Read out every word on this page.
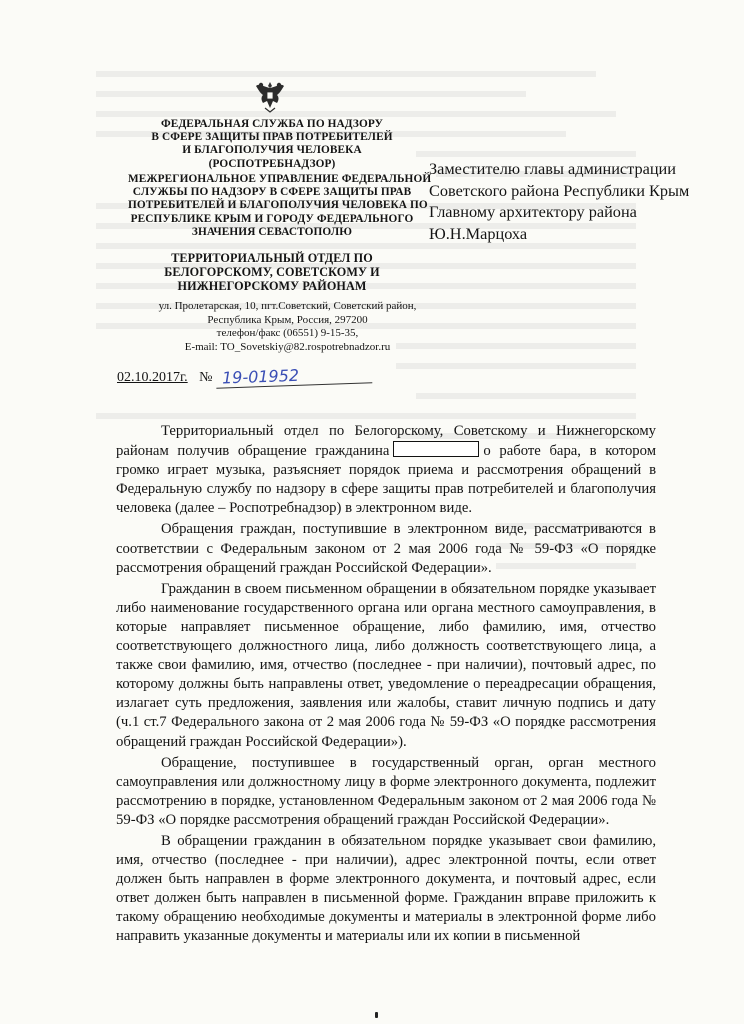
ФЕДЕРАЛЬНАЯ СЛУЖБА ПО НАДЗОРУ
В СФЕРЕ ЗАЩИТЫ ПРАВ ПОТРЕБИТЕЛЕЙ
И БЛАГОПОЛУЧИЯ ЧЕЛОВЕКА
(РОСПОТРЕБНАДЗОР)
МЕЖРЕГИОНАЛЬНОЕ УПРАВЛЕНИЕ ФЕДЕРАЛЬНОЙ
СЛУЖБЫ ПО НАДЗОРУ В СФЕРЕ ЗАЩИТЫ ПРАВ
ПОТРЕБИТЕЛЕЙ И БЛАГОПОЛУЧИЯ ЧЕЛОВЕКА ПО
РЕСПУБЛИКЕ КРЫМ И ГОРОДУ ФЕДЕРАЛЬНОГО
ЗНАЧЕНИЯ СЕВАСТОПОЛЮ
ТЕРРИТОРИАЛЬНЫЙ ОТДЕЛ ПО
БЕЛОГОРСКОМУ, СОВЕТСКОМУ И
НИЖНЕГОРСКОМУ РАЙОНАМ
ул. Пролетарская, 10, пгт.Советский, Советский район,
Республика Крым, Россия, 297200
телефон/факс (06551) 9-15-35,
E-mail: TO_Sovetskiy@82.rospotrebnadzor.ru
02.10.2017г. № 19-01952
Заместителю главы администрации
Советского района Республики Крым
Главному архитектору района
Ю.Н.Марцоха

Территориальный отдел по Белогорскому, Советскому и Нижнегорскому районам получив обращение гражданина	о работе бара, в котором громко играет музыка, разъясняет порядок приема и рассмотрения обращений в Федеральную службу по надзору в сфере защиты прав потребителей и благополучия человека (далее – Роспотребнадзор) в электронном виде.

Обращения граждан, поступившие в электронном виде, рассматриваются в соответствии с Федеральным законом от 2 мая 2006 года № 59-ФЗ «О порядке рассмотрения обращений граждан Российской Федерации».

Гражданин в своем письменном обращении в обязательном порядке указывает либо наименование государственного органа или органа местного самоуправления, в которые направляет письменное обращение, либо фамилию, имя, отчество соответствующего должностного лица, либо должность соответствующего лица, а также свои фамилию, имя, отчество (последнее - при наличии), почтовый адрес, по которому должны быть направлены ответ, уведомление о переадресации обращения, излагает суть предложения, заявления или жалобы, ставит личную подпись и дату (ч.1 ст.7 Федерального закона от 2 мая 2006 года № 59-ФЗ «О порядке рассмотрения обращений граждан Российской Федерации»).

Обращение, поступившее в государственный орган, орган местного самоуправления или должностному лицу в форме электронного документа, подлежит рассмотрению в порядке, установленном Федеральным законом от 2 мая 2006 года № 59-ФЗ «О порядке рассмотрения обращений граждан Российской Федерации».

В обращении гражданин в обязательном порядке указывает свои фамилию, имя, отчество (последнее - при наличии), адрес электронной почты, если ответ должен быть направлен в форме электронного документа, и почтовый адрес, если ответ должен быть направлен в письменной форме. Гражданин вправе приложить к такому обращению необходимые документы и материалы в электронной форме либо направить указанные документы и материалы или их копии в письменной
